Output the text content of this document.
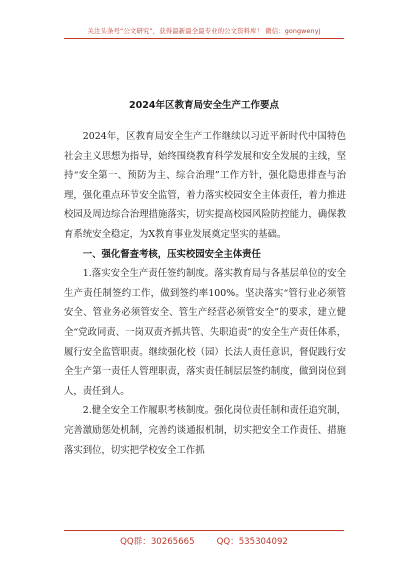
关注头条号“公文研究”，获得最新最全最专业的公文资料库！ 微信：gongwenyj
2024年区教育局安全生产工作要点

2024年，区教育局安全生产工作继续以习近平新时代中国特色社会主义思想为指导，始终围绕教育科学发展和安全发展的主线，坚持“安全第一、预防为主、综合治理”工作方针，强化隐患排查与治理，强化重点环节安全监管，着力落实校园安全主体责任，着力推进校园及周边综合治理措施落实，切实提高校园风险防控能力，确保教育系统安全稳定，为X教育事业发展奠定坚实的基础。

一、强化督查考核，压实校园安全主体责任

1.落实安全生产责任签约制度。落实教育局与各基层单位的安全生产责任制签约工作，做到签约率100%。坚决落实“管行业必须管安全、管业务必须管安全、管生产经营必须管安全”的要求，建立健全“党政同责、一岗双责齐抓共管、失职追责”的安全生产责任体系，履行安全监管职责。继续强化校（园）长法人责任意识，督促践行安全生产第一责任人管理职责，落实责任制层层签约制度，做到岗位到人，责任到人。

2.健全安全工作履职考核制度。强化岗位责任制和责任追究制，完善激励惩处机制，完善约谈通报机制，切实把安全工作责任、措施落实到位，切实把学校安全工作抓

QQ群：30265665	QQ：535304092
